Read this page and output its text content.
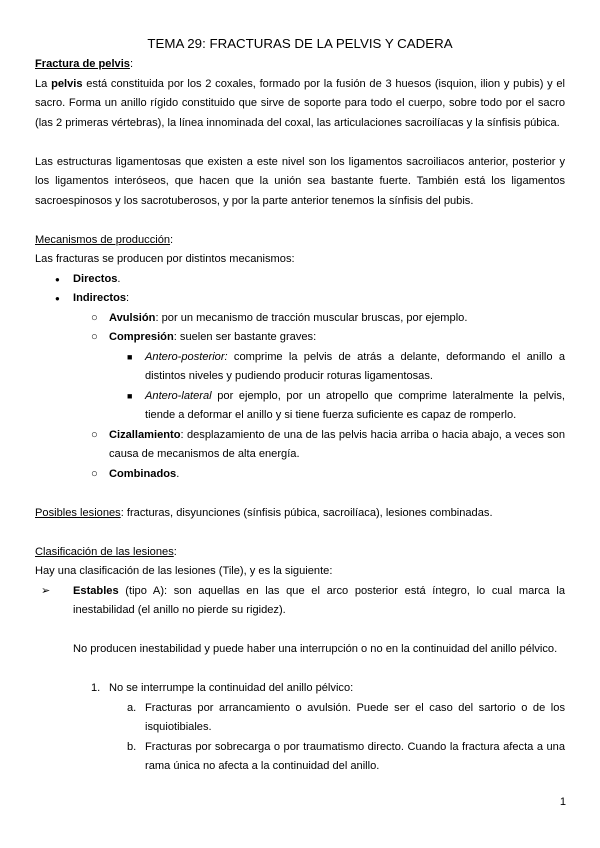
TEMA 29: FRACTURAS DE LA PELVIS Y CADERA
Fractura de pelvis:

La pelvis está constituida por los 2 coxales, formado por la fusión de 3 huesos (isquion, ilion y pubis) y el sacro. Forma un anillo rígido constituido que sirve de soporte para todo el cuerpo, sobre todo por el sacro (las 2 primeras vértebras), la línea innominada del coxal, las articulaciones sacroilíacas y la sínfisis púbica.

Las estructuras ligamentosas que existen a este nivel son los ligamentos sacroiliacos anterior, posterior y los ligamentos interóseos, que hacen que la unión sea bastante fuerte. También está los ligamentos sacroespinosos y los sacrotuberosos, y por la parte anterior tenemos la sínfisis del pubis.

Mecanismos de producción:
Las fracturas se producen por distintos mecanismos:
●	Directos.
●	Indirectos:
○	Avulsión: por un mecanismo de tracción muscular bruscas, por ejemplo.
○	Compresión: suelen ser bastante graves:
■	Antero-posterior: comprime la pelvis de atrás a delante, deformando el anillo a distintos niveles y pudiendo producir roturas ligamentosas.
■	Antero-lateral por ejemplo, por un atropello que comprime lateralmente la pelvis, tiende a deformar el anillo y si tiene fuerza suficiente es capaz de romperlo.
○	Cizallamiento: desplazamiento de una de las pelvis hacia arriba o hacia abajo, a veces son causa de mecanismos de alta energía.
○	Combinados.
Posibles lesiones: fracturas, disyunciones (sínfisis púbica, sacroilíaca), lesiones combinadas.
Clasificación de las lesiones:
Hay una clasificación de las lesiones (Tile), y es la siguiente:
➢	Estables (tipo A): son aquellas en las que el arco posterior está íntegro, lo cual marca la inestabilidad (el anillo no pierde su rigidez).
No producen inestabilidad y puede haber una interrupción o no en la continuidad del anillo pélvico.
1. No se interrumpe la continuidad del anillo pélvico:
a. Fracturas por arrancamiento o avulsión. Puede ser el caso del sartorio o de los isquiotibiales.
b. Fracturas por sobrecarga o por traumatismo directo. Cuando la fractura afecta a una rama única no afecta a la continuidad del anillo.
1
